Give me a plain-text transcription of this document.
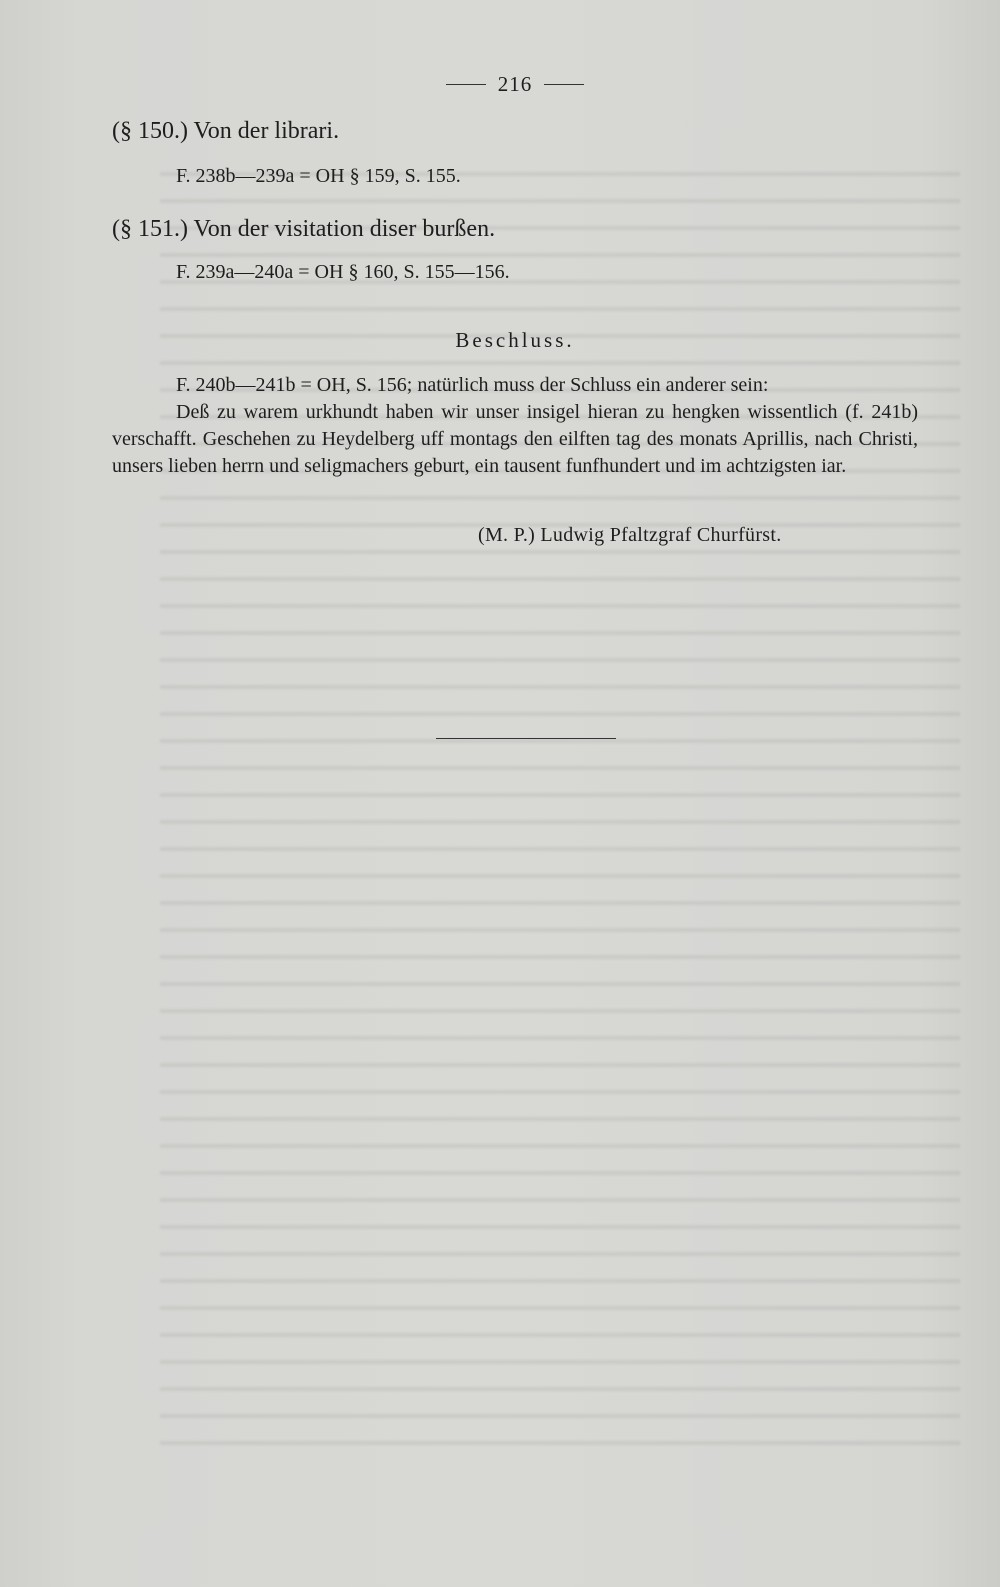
216

(§ 150.) Von der librari.

F. 238b—239a = OH § 159, S. 155.

(§ 151.) Von der visitation diser burßen.

F. 239a—240a = OH § 160, S. 155—156.

Beschluss.

F. 240b—241b = OH, S. 156; natürlich muss der Schluss ein anderer sein:

Deß zu warem urkhundt haben wir unser insigel hieran zu hengken wissentlich (f. 241b) verschafft. Geschehen zu Heydelberg uff montags den eilften tag des monats Aprillis, nach Christi, unsers lieben herrn und seligmachers geburt, ein tausent funfhundert und im achtzigsten iar.

(M. P.) Ludwig Pfaltzgraf Churfürst.
